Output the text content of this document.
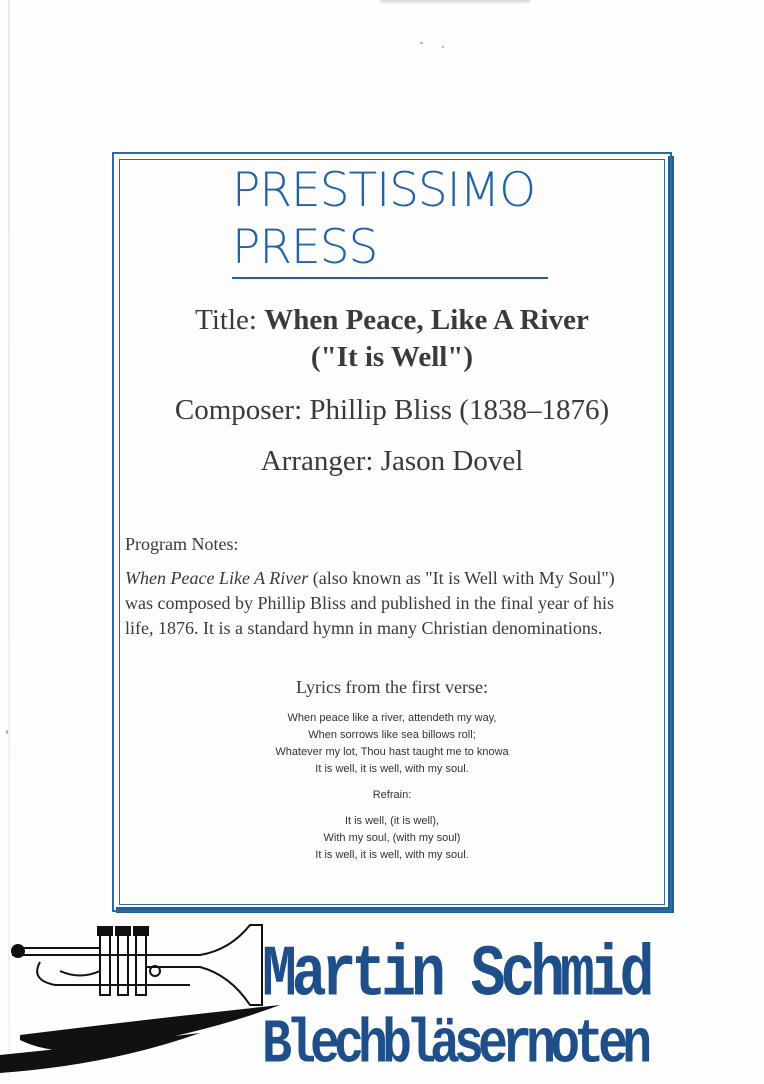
PRESTISSIMO
PRESS
Title: When Peace, Like A River
("It is Well")
Composer: Phillip Bliss (1838–1876)
Arranger: Jason Dovel
Program Notes:
When Peace Like A River (also known as "It is Well with My Soul") was composed by Phillip Bliss and published in the final year of his life, 1876. It is a standard hymn in many Christian denominations.
Lyrics from the first verse:
When peace like a river, attendeth my way,
When sorrows like sea billows roll;
Whatever my lot, Thou hast taught me to knowa
It is well, it is well, with my soul.
Refrain:
It is well, (it is well),
With my soul, (with my soul)
It is well, it is well, with my soul.
Martin Schmid
Blechbläsernoten
